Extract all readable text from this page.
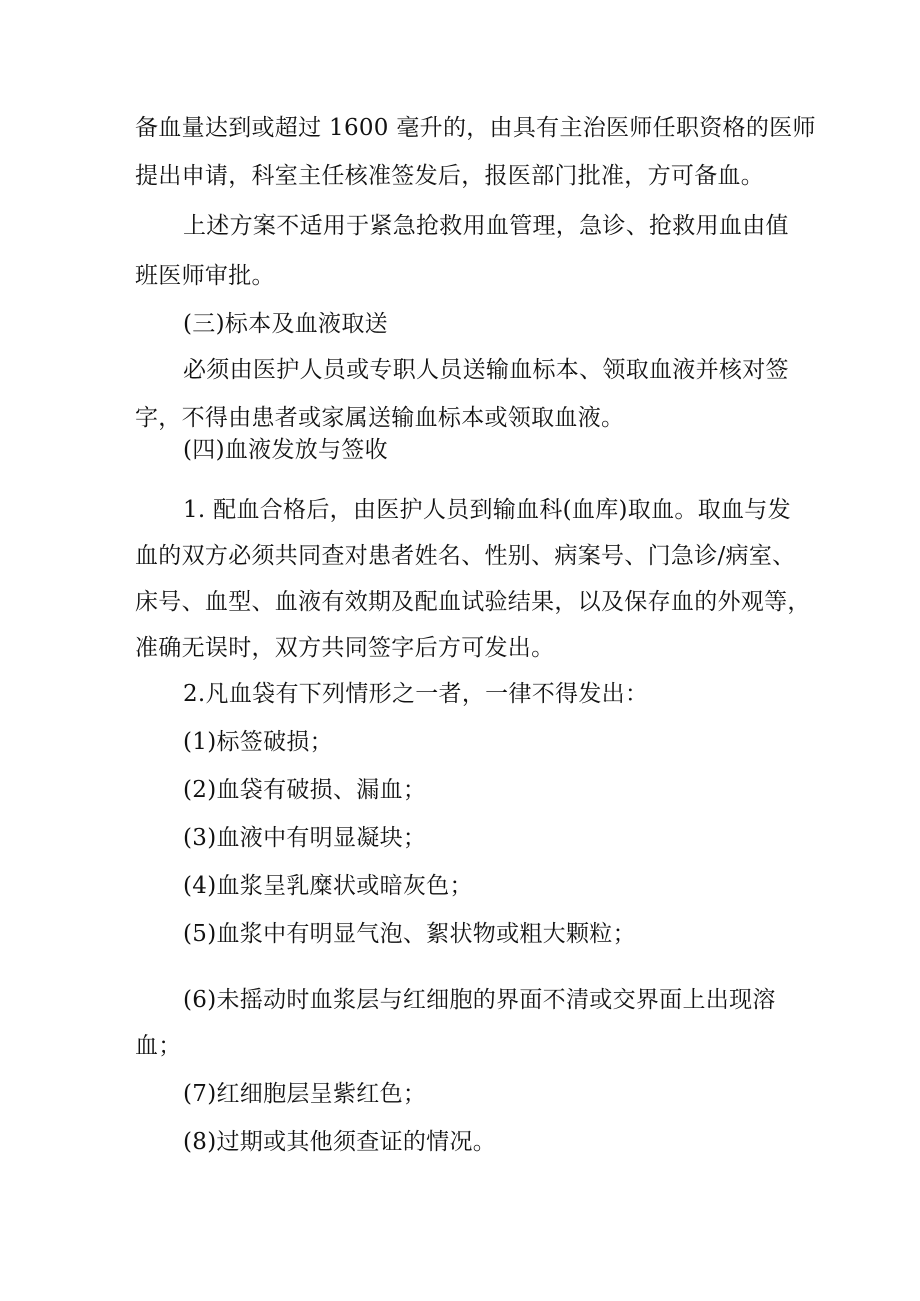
备血量达到或超过 1600 毫升的，由具有主治医师任职资格的医师
提出申请，科室主任核准签发后，报医部门批准，方可备血。
上述方案不适用于紧急抢救用血管理，急诊、抢救用血由值
班医师审批。
(三)标本及血液取送
必须由医护人员或专职人员送输血标本、领取血液并核对签
字，不得由患者或家属送输血标本或领取血液。
(四)血液发放与签收
1. 配血合格后，由医护人员到输血科(血库)取血。取血与发
血的双方必须共同查对患者姓名、性别、病案号、门急诊/病室、
床号、血型、血液有效期及配血试验结果，以及保存血的外观等，
准确无误时，双方共同签字后方可发出。
2.凡血袋有下列情形之一者，一律不得发出：
(1)标签破损；
(2)血袋有破损、漏血；
(3)血液中有明显凝块；
(4)血浆呈乳糜状或暗灰色；
(5)血浆中有明显气泡、絮状物或粗大颗粒；
(6)未摇动时血浆层与红细胞的界面不清或交界面上出现溶
血；
(7)红细胞层呈紫红色；
(8)过期或其他须查证的情况。
